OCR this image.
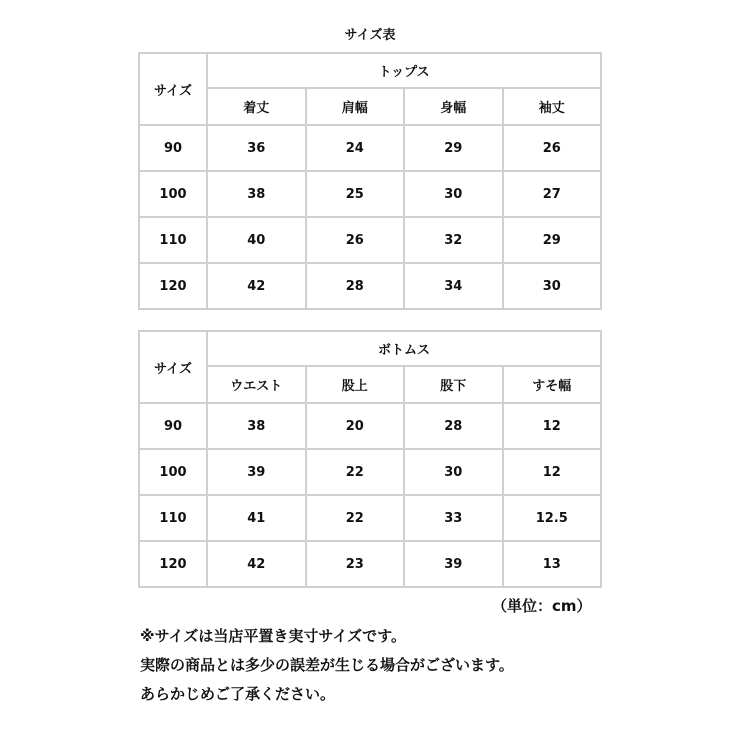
サイズ表
サイズ	トップス			
	着丈	肩幅	身幅	袖丈
90	36	24	29	26
100	38	25	30	27
110	40	26	32	29
120	42	28	34	30
サイズ	ボトムス			
	ウエスト	股上	股下	すそ幅
90	38	20	28	12
100	39	22	30	12
110	41	22	33	12.5
120	42	23	39	13
（単位：cm）
※サイズは当店平置き実寸サイズです。
実際の商品とは多少の誤差が生じる場合がございます。
あらかじめご了承ください。
